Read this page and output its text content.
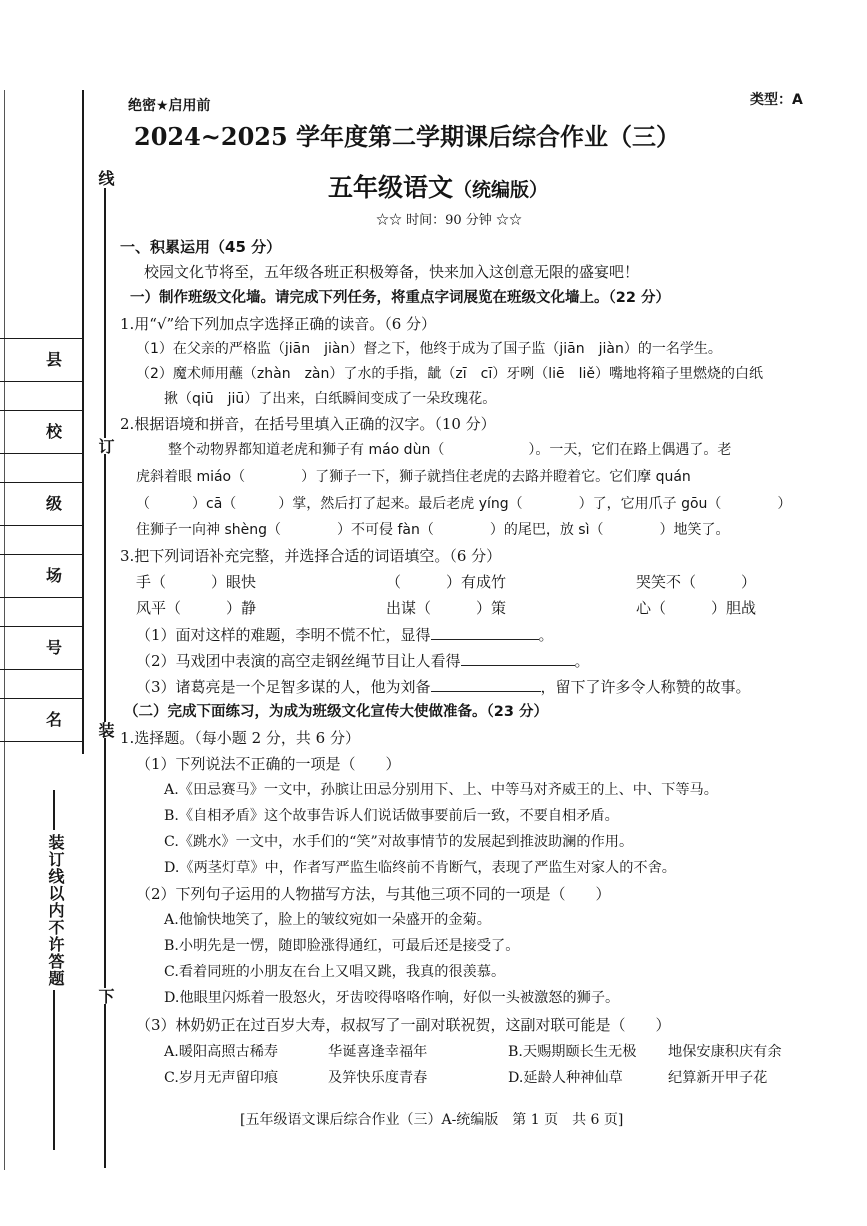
县
校
级
场
号
名
线
订
装
下
装订线以内不许答题
绝密★启用前	类型：A
2024~2025 学年度第二学期课后综合作业（三）
五年级语文（统编版）
☆☆ 时间：90 分钟 ☆☆
一、积累运用（45 分）
校园文化节将至，五年级各班正积极筹备，快来加入这创意无限的盛宴吧！
一）制作班级文化墙。请完成下列任务，将重点字词展览在班级文化墙上。（22 分）
1.用“√”给下列加点字选择正确的读音。（6 分）
（1）在父亲的严格监（jiān　jiàn）督之下，他终于成为了国子监（jiān　jiàn）的一名学生。
（2）魔术师用蘸（zhàn　zàn）了水的手指，龇（zī　cī）牙咧（liē　liě）嘴地将箱子里燃烧的白纸
揪（qiū　jiū）了出来，白纸瞬间变成了一朵玫瑰花。
2.根据语境和拼音，在括号里填入正确的汉字。（10 分）
整个动物界都知道老虎和狮子有 máo dùn（　　　　　　）。一天，它们在路上偶遇了。老
虎斜着眼 miáo（　　　　）了狮子一下，狮子就挡住老虎的去路并瞪着它。它们摩 quán
（　　　）cā（　　　）掌，然后打了起来。最后老虎 yíng（　　　　）了，它用爪子 gōu（　　　　）
住狮子一向神 shèng（　　　　）不可侵 fàn（　　　　）的尾巴，放 sì（　　　　）地笑了。
3.把下列词语补充完整，并选择合适的词语填空。（6 分）
手（　　　）眼快	（　　　）有成竹	哭笑不（　　　）
风平（　　　）静	出谋（　　　）策	心（　　　）胆战
（1）面对这样的难题，李明不慌不忙，显得	。
（2）马戏团中表演的高空走钢丝绳节目让人看得	。
（3）诸葛亮是一个足智多谋的人，他为刘备	，留下了许多令人称赞的故事。
（二）完成下面练习，为成为班级文化宣传大使做准备。（23 分）
1.选择题。（每小题 2 分，共 6 分）
（1）下列说法不正确的一项是（　　）
A.《田忌赛马》一文中，孙膑让田忌分别用下、上、中等马对齐威王的上、中、下等马。
B.《自相矛盾》这个故事告诉人们说话做事要前后一致，不要自相矛盾。
C.《跳水》一文中，水手们的“笑”对故事情节的发展起到推波助澜的作用。
D.《两茎灯草》中，作者写严监生临终前不肯断气，表现了严监生对家人的不舍。
（2）下列句子运用的人物描写方法，与其他三项不同的一项是（　　）
A.他愉快地笑了，脸上的皱纹宛如一朵盛开的金菊。
B.小明先是一愣，随即脸涨得通红，可最后还是接受了。
C.看着同班的小朋友在台上又唱又跳，我真的很羡慕。
D.他眼里闪烁着一股怒火，牙齿咬得咯咯作响，好似一头被激怒的狮子。
（3）林奶奶正在过百岁大寿，叔叔写了一副对联祝贺，这副对联可能是（　　）
A.暖阳高照古稀寿	华诞喜逢幸福年	B.天赐期颐长生无极 地保安康积庆有余
C.岁月无声留印痕	及笄快乐度青春	D.延龄人种神仙草	纪算新开甲子花
[五年级语文课后综合作业（三）A-统编版　第 1 页　共 6 页]
